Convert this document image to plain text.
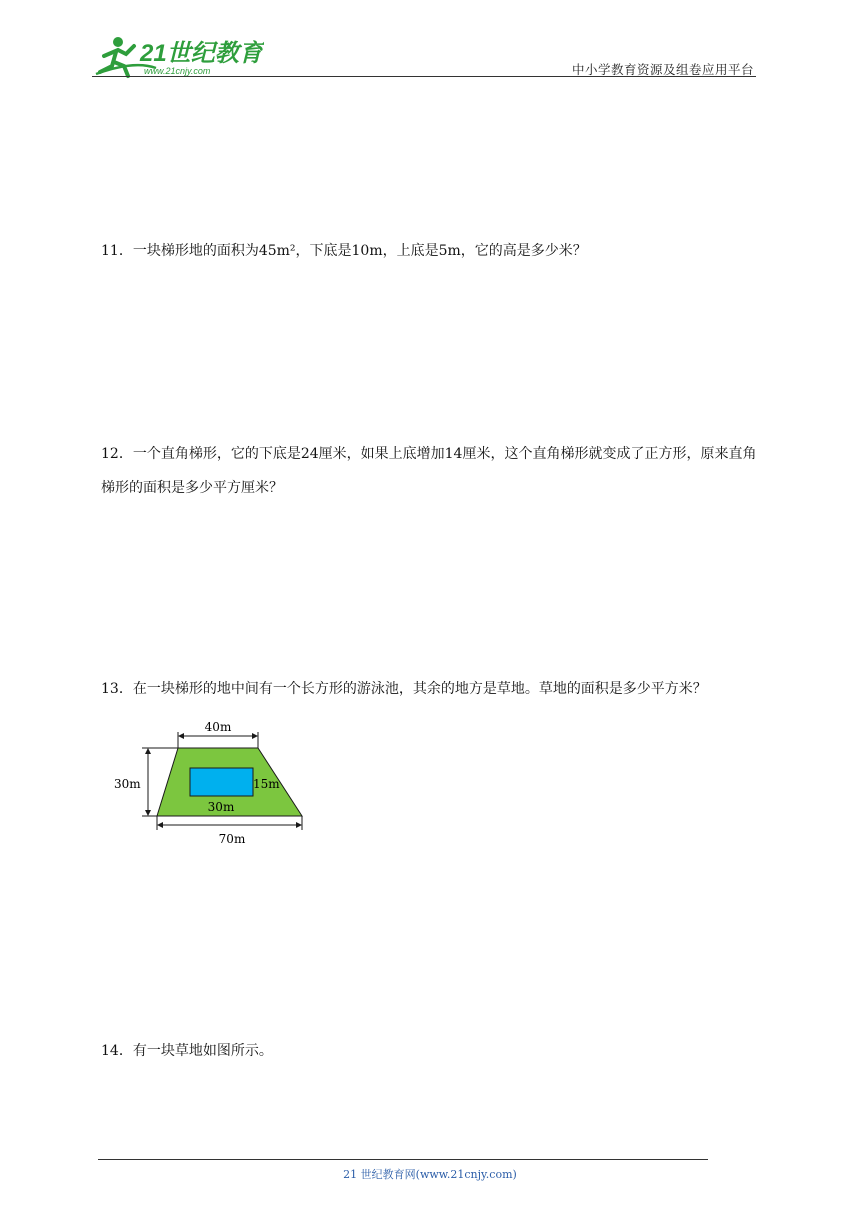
21世纪教育
www.21cnjy.com	中小学教育资源及组卷应用平台
11．一块梯形地的面积为45m²，下底是10m，上底是5m，它的高是多少米？
12．一个直角梯形，它的下底是24厘米，如果上底增加14厘米，这个直角梯形就变成了正方形，原来直角梯形的面积是多少平方厘米？
13．在一块梯形的地中间有一个长方形的游泳池，其余的地方是草地。草地的面积是多少平方米？
40m
30m	15m
30m
70m
14．有一块草地如图所示。
21 世纪教育网(www.21cnjy.com)
